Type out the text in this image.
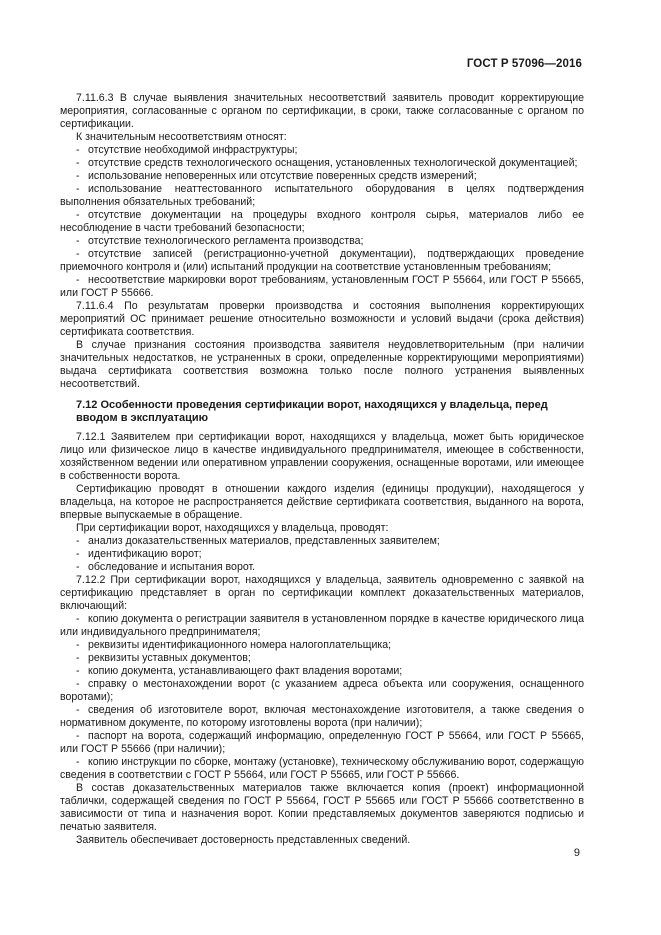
ГОСТ Р 57096—2016

7.11.6.3 В случае выявления значительных несоответствий заявитель проводит корректирующие мероприятия, согласованные с органом по сертификации, в сроки, также согласованные с органом по сертификации.

К значительным несоответствиям относят:

- отсутствие необходимой инфраструктуры;

- отсутствие средств технологического оснащения, установленных технологической документацией;

- использование неповеренных или отсутствие поверенных средств измерений;

- использование неаттестованного испытательного оборудования в целях подтверждения выполнения обязательных требований;

- отсутствие документации на процедуры входного контроля сырья, материалов либо ее несоблюдение в части требований безопасности;

- отсутствие технологического регламента производства;

- отсутствие записей (регистрационно-учетной документации), подтверждающих проведение приемочного контроля и (или) испытаний продукции на соответствие установленным требованиям;

- несоответствие маркировки ворот требованиям, установленным ГОСТ Р 55664, или ГОСТ Р 55665, или ГОСТ Р 55666.

7.11.6.4 По результатам проверки производства и состояния выполнения корректирующих мероприятий ОС принимает решение относительно возможности и условий выдачи (срока действия) сертификата соответствия.

В случае признания состояния производства заявителя неудовлетворительным (при наличии значительных недостатков, не устраненных в сроки, определенные корректирующими мероприятиями) выдача сертификата соответствия возможна только после полного устранения выявленных несоответствий.

7.12 Особенности проведения сертификации ворот, находящихся у владельца, перед вводом в эксплуатацию

7.12.1 Заявителем при сертификации ворот, находящихся у владельца, может быть юридическое лицо или физическое лицо в качестве индивидуального предпринимателя, имеющее в собственности, хозяйственном ведении или оперативном управлении сооружения, оснащенные воротами, или имеющее в собственности ворота.

Сертификацию проводят в отношении каждого изделия (единицы продукции), находящегося у владельца, на которое не распространяется действие сертификата соответствия, выданного на ворота, впервые выпускаемые в обращение.

При сертификации ворот, находящихся у владельца, проводят:

- анализ доказательственных материалов, представленных заявителем;

- идентификацию ворот;

- обследование и испытания ворот.

7.12.2 При сертификации ворот, находящихся у владельца, заявитель одновременно с заявкой на сертификацию представляет в орган по сертификации комплект доказательственных материалов, включающий:

- копию документа о регистрации заявителя в установленном порядке в качестве юридического лица или индивидуального предпринимателя;

- реквизиты идентификационного номера налогоплательщика;

- реквизиты уставных документов;

- копию документа, устанавливающего факт владения воротами;

- справку о местонахождении ворот (с указанием адреса объекта или сооружения, оснащенного воротами);

- сведения об изготовителе ворот, включая местонахождение изготовителя, а также сведения о нормативном документе, по которому изготовлены ворота (при наличии);

- паспорт на ворота, содержащий информацию, определенную ГОСТ Р 55664, или ГОСТ Р 55665, или ГОСТ Р 55666 (при наличии);

- копию инструкции по сборке, монтажу (установке), техническому обслуживанию ворот, содержащую сведения в соответствии с ГОСТ Р 55664, или ГОСТ Р 55665, или ГОСТ Р 55666.

В состав доказательственных материалов также включается копия (проект) информационной таблички, содержащей сведения по ГОСТ Р 55664, ГОСТ Р 55665 или ГОСТ Р 55666 соответственно в зависимости от типа и назначения ворот. Копии представляемых документов заверяются подписью и печатью заявителя.

Заявитель обеспечивает достоверность представленных сведений.

9
